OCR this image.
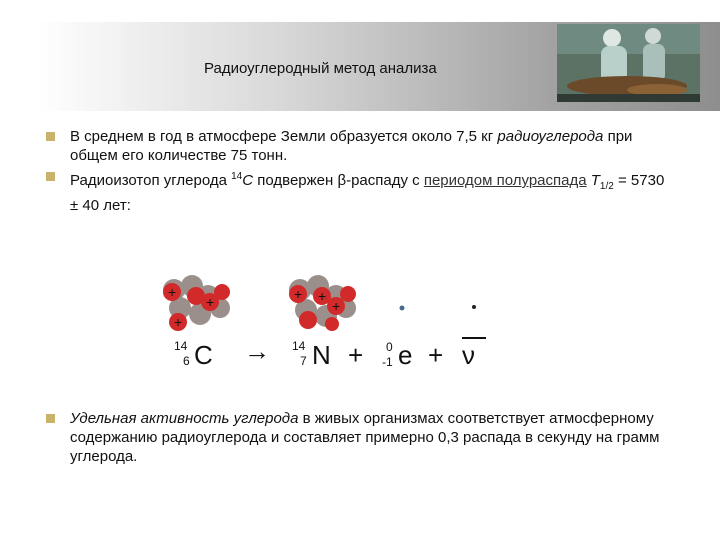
Радиоуглеродный метод анализа
В среднем в год в атмосфере Земли образуется около 7,5 кг радиоуглерода при общем его количестве 75 тонн.
Радиоизотоп углерода $^{14}$С подвержен β-распаду с периодом полураспада $T_{1/2} = 5730 \pm 40$ лет:
+
+
+
+ +
+
14
6 C → 14
7 N + 0
-1 e + ν
Удельная активность углерода в живых организмах соответствует атмосферному содержанию радиоуглерода и составляет примерно 0,3 распада в секунду на грамм углерода.
